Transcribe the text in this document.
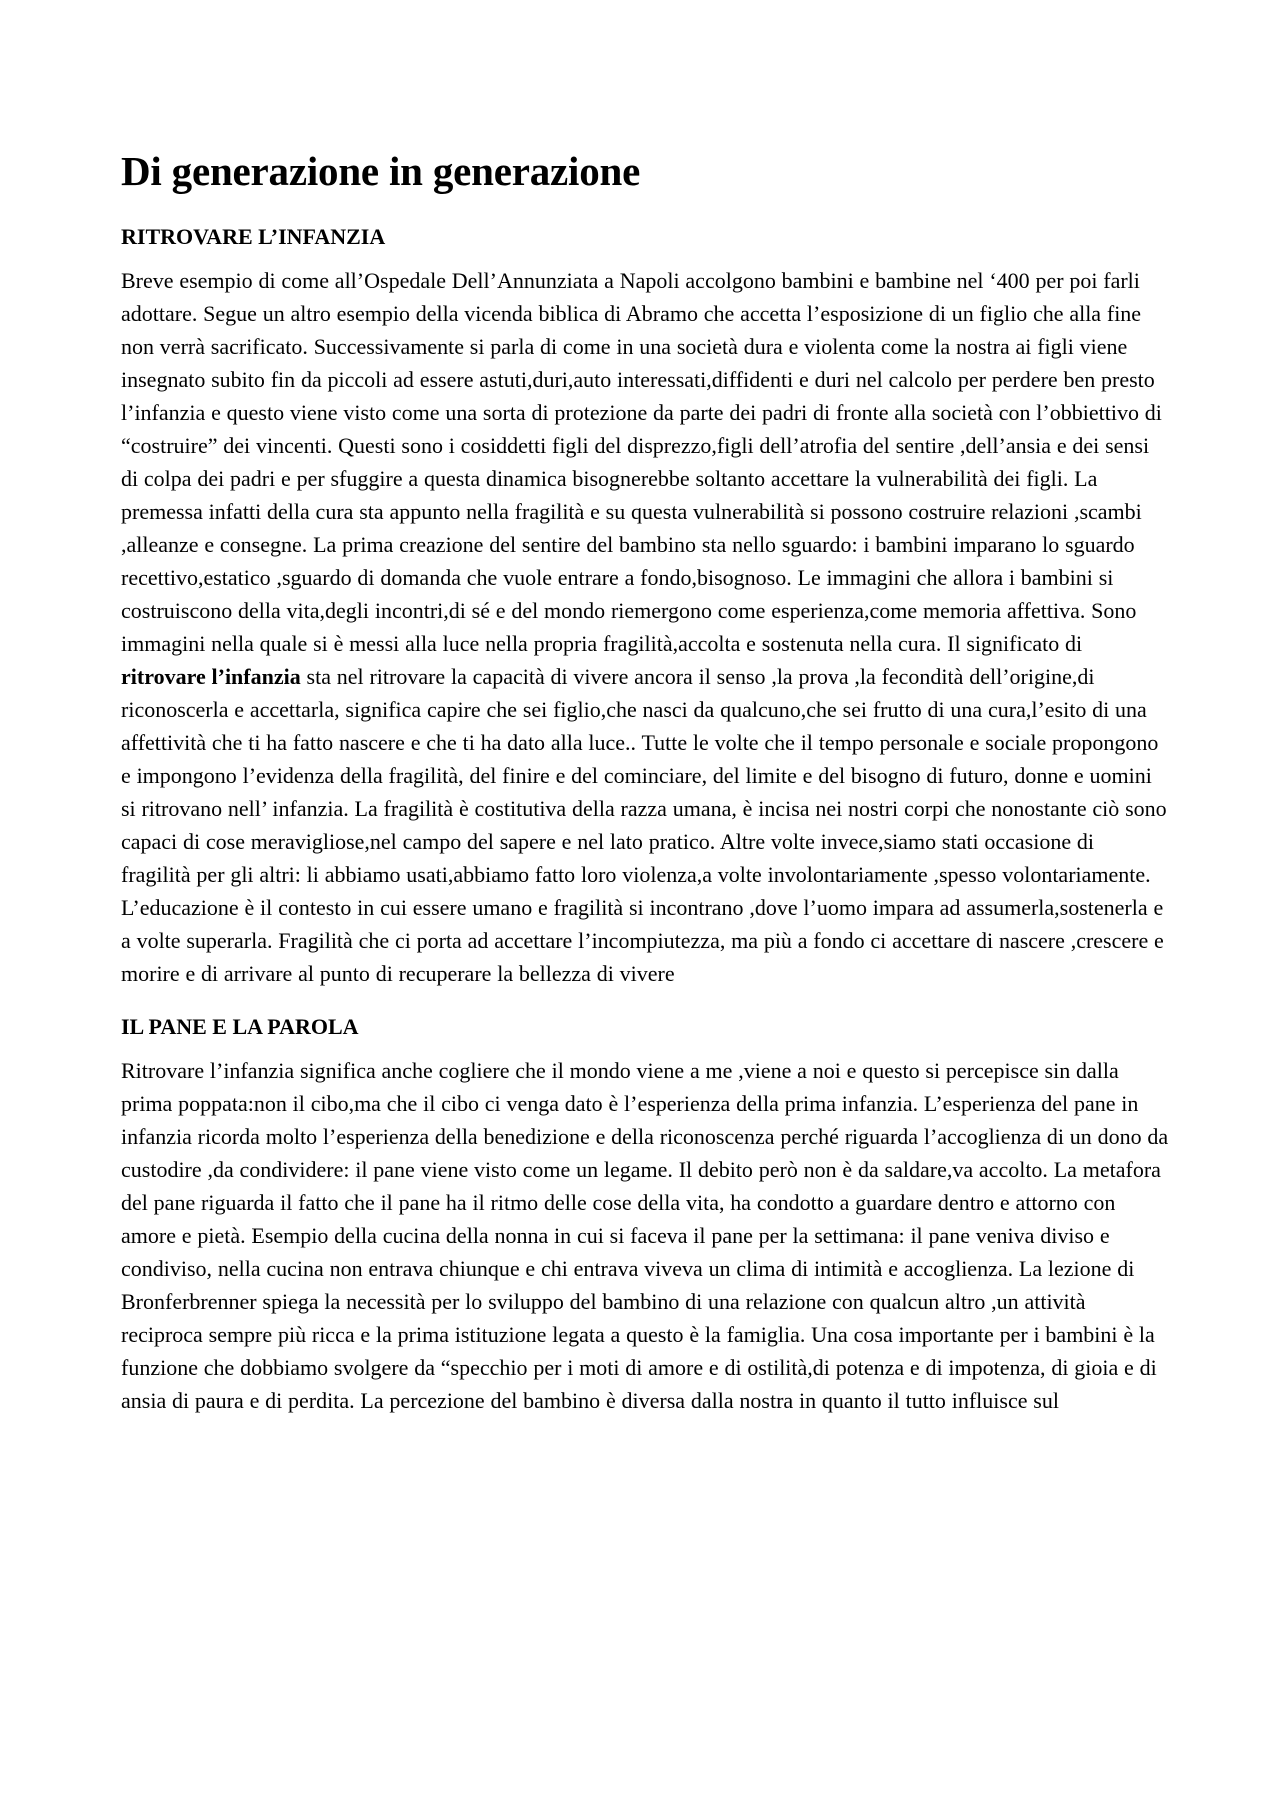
Di generazione in generazione
RITROVARE L’INFANZIA

Breve esempio di come all’Ospedale Dell’Annunziata a Napoli accolgono bambini e bambine nel ‘400 per poi farli adottare. Segue un altro esempio della vicenda biblica di Abramo che accetta l’esposizione di un figlio che alla fine non verrà sacrificato. Successivamente si parla di come in una società dura e violenta come la nostra ai figli viene insegnato subito fin da piccoli ad essere astuti,duri,auto interessati,diffidenti e duri nel calcolo per perdere ben presto l’infanzia e questo viene visto come una sorta di protezione da parte dei padri di fronte alla società con l’obbiettivo di “costruire” dei vincenti. Questi sono i cosiddetti figli del disprezzo,figli dell’atrofia del sentire ,dell’ansia e dei sensi di colpa dei padri e per sfuggire a questa dinamica bisognerebbe soltanto accettare la vulnerabilità dei figli. La premessa infatti della cura sta appunto nella fragilità e su questa vulnerabilità si possono costruire relazioni ,scambi ,alleanze e consegne. La prima creazione del sentire del bambino sta nello sguardo: i bambini imparano lo sguardo recettivo,estatico ,sguardo di domanda che vuole entrare a fondo,bisognoso. Le immagini che allora i bambini si costruiscono della vita,degli incontri,di sé e del mondo riemergono come esperienza,come memoria affettiva. Sono immagini nella quale si è messi alla luce nella propria fragilità,accolta e sostenuta nella cura. Il significato di ritrovare l’infanzia sta nel ritrovare la capacità di vivere ancora il senso ,la prova ,la fecondità dell’origine,di riconoscerla e accettarla, significa capire che sei figlio,che nasci da qualcuno,che sei frutto di una cura,l’esito di una affettività che ti ha fatto nascere e che ti ha dato alla luce.. Tutte le volte che il tempo personale e sociale propongono e impongono l’evidenza della fragilità, del finire e del cominciare, del limite e del bisogno di futuro, donne e uomini si ritrovano nell’ infanzia. La fragilità è costitutiva della razza umana, è incisa nei nostri corpi che nonostante ciò sono capaci di cose meravigliose,nel campo del sapere e nel lato pratico. Altre volte invece,siamo stati occasione di fragilità per gli altri: li abbiamo usati,abbiamo fatto loro violenza,a volte involontariamente ,spesso volontariamente. L’educazione è il contesto in cui essere umano e fragilità si incontrano ,dove l’uomo impara ad assumerla,sostenerla e a volte superarla. Fragilità che ci porta ad accettare l’incompiutezza, ma più a fondo ci accettare di nascere ,crescere e morire e di arrivare al punto di recuperare la bellezza di vivere

IL PANE E LA PAROLA

Ritrovare l’infanzia significa anche cogliere che il mondo viene a me ,viene a noi e questo si percepisce sin dalla prima poppata:non il cibo,ma che il cibo ci venga dato è l’esperienza della prima infanzia. L’esperienza del pane in infanzia ricorda molto l’esperienza della benedizione e della riconoscenza perché riguarda l’accoglienza di un dono da custodire ,da condividere: il pane viene visto come un legame. Il debito però non è da saldare,va accolto. La metafora del pane riguarda il fatto che il pane ha il ritmo delle cose della vita, ha condotto a guardare dentro e attorno con amore e pietà. Esempio della cucina della nonna in cui si faceva il pane per la settimana: il pane veniva diviso e condiviso, nella cucina non entrava chiunque e chi entrava viveva un clima di intimità e accoglienza. La lezione di Bronferbrenner spiega la necessità per lo sviluppo del bambino di una relazione con qualcun altro ,un attività reciproca sempre più ricca e la prima istituzione legata a questo è la famiglia. Una cosa importante per i bambini è la funzione che dobbiamo svolgere da “specchio per i moti di amore e di ostilità,di potenza e di impotenza, di gioia e di ansia di paura e di perdita. La percezione del bambino è diversa dalla nostra in quanto il tutto influisce sul
